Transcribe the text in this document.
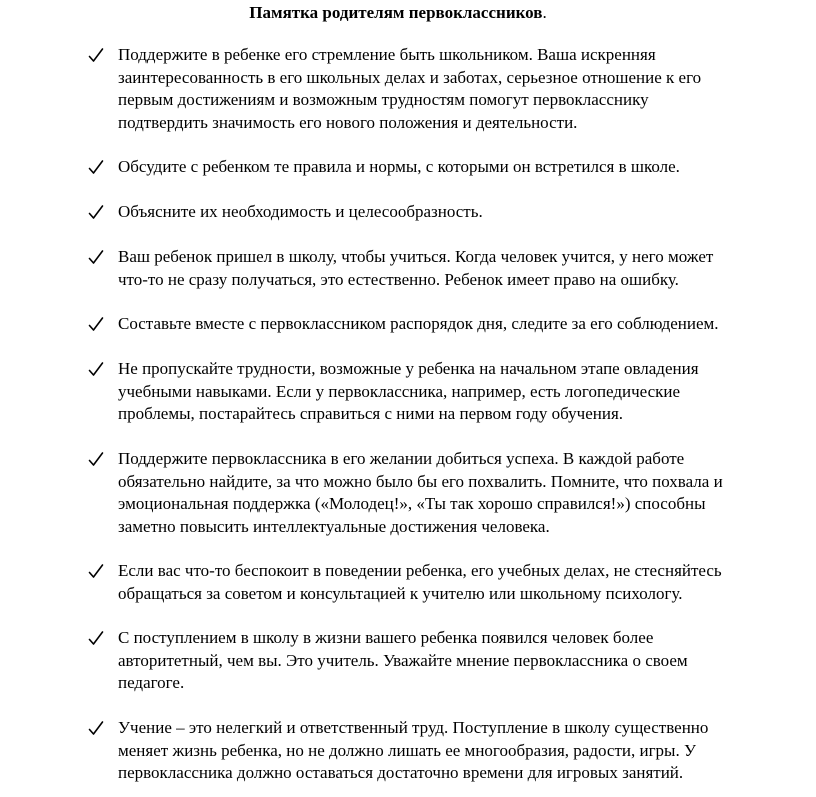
Памятка родителям первоклассников.
Поддержите в ребенке его стремление быть школьником. Ваша искренняя
заинтересованность в его школьных делах и заботах, серьезное отношение к его
первым достижениям и возможным трудностям помогут первокласснику
подтвердить значимость его нового положения и деятельности.
Обсудите с ребенком те правила и нормы, с которыми он встретился в школе.
Объясните их необходимость и целесообразность.
Ваш ребенок пришел в школу, чтобы учиться. Когда человек учится, у него может
что-то не сразу получаться, это естественно. Ребенок имеет право на ошибку.
Составьте вместе с первоклассником распорядок дня, следите за его соблюдением.
Не пропускайте трудности, возможные у ребенка на начальном этапе овладения
учебными навыками. Если у первоклассника, например, есть логопедические
проблемы, постарайтесь справиться с ними на первом году обучения.
Поддержите первоклассника в его желании добиться успеха. В каждой работе
обязательно найдите, за что можно было бы его похвалить. Помните, что похвала и
эмоциональная поддержка («Молодец!», «Ты так хорошо справился!») способны
заметно повысить интеллектуальные достижения человека.
Если вас что-то беспокоит в поведении ребенка, его учебных делах, не стесняйтесь
обращаться за советом и консультацией к учителю или школьному психологу.
С поступлением в школу в жизни вашего ребенка появился человек более
авторитетный, чем вы. Это учитель. Уважайте мнение первоклассника о своем
педагоге.
Учение – это нелегкий и ответственный труд. Поступление в школу существенно
меняет жизнь ребенка, но не должно лишать ее многообразия, радости, игры. У
первоклассника должно оставаться достаточно времени для игровых занятий.
